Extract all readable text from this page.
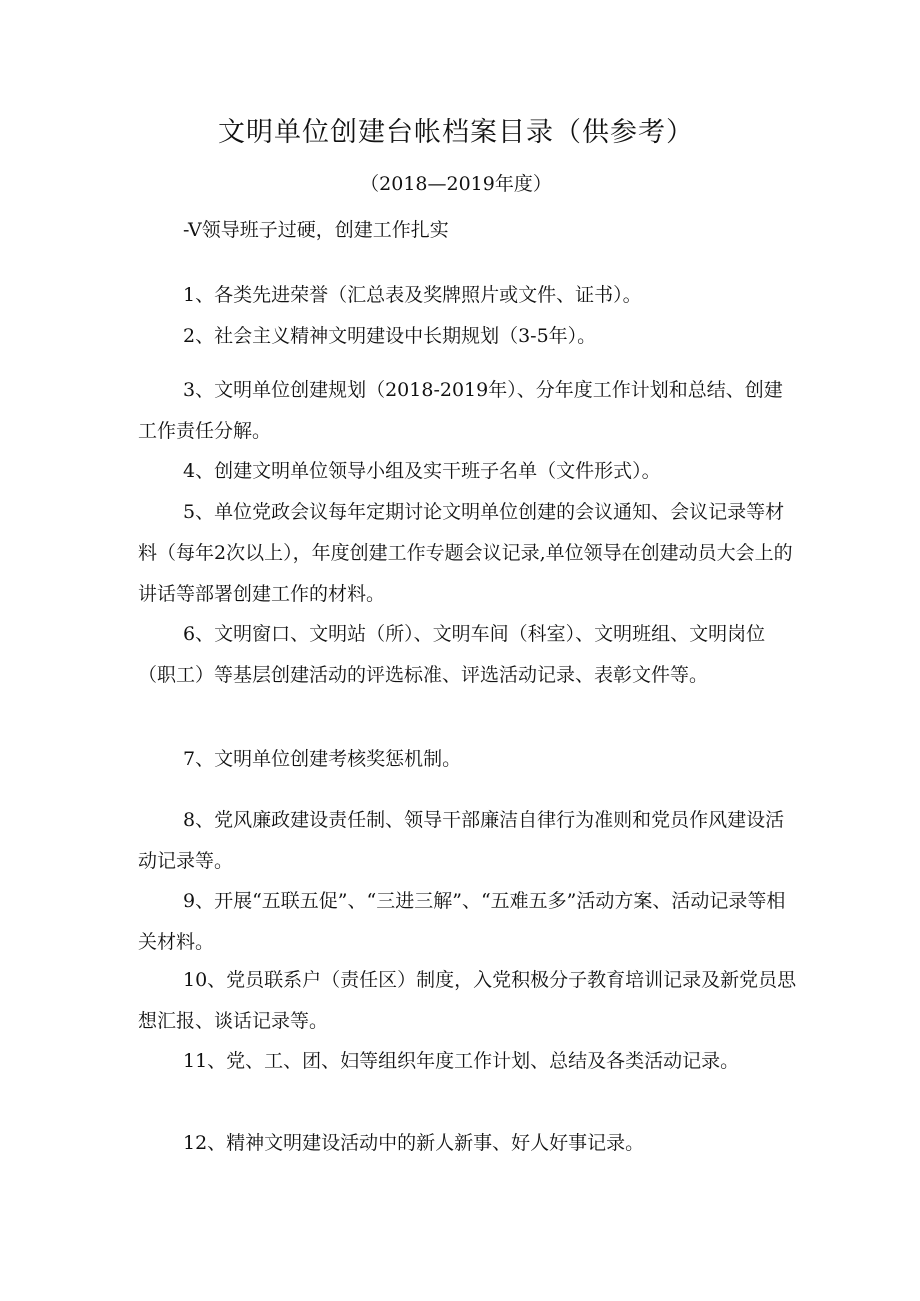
文明单位创建台帐档案目录（供参考）
（2018—2019年度）
-V领导班子过硬，创建工作扎实

1、各类先进荣誉（汇总表及奖牌照片或文件、证书）。

2、社会主义精神文明建设中长期规划（3-5年）。

3、文明单位创建规划（2018-2019年）、分年度工作计划和总结、创建工作责任分解。

4、创建文明单位领导小组及实干班子名单（文件形式）。

5、单位党政会议每年定期讨论文明单位创建的会议通知、会议记录等材料（每年2次以上），年度创建工作专题会议记录,单位领导在创建动员大会上的讲话等部署创建工作的材料。

6、文明窗口、文明站（所）、文明车间（科室）、文明班组、文明岗位（职工）等基层创建活动的评选标准、评选活动记录、表彰文件等。

7、文明单位创建考核奖惩机制。

8、党风廉政建设责任制、领导干部廉洁自律行为准则和党员作风建设活动记录等。

9、开展“五联五促”、“三进三解”、“五难五多”活动方案、活动记录等相关材料。

10、党员联系户（责任区）制度，入党积极分子教育培训记录及新党员思想汇报、谈话记录等。

11、党、工、团、妇等组织年度工作计划、总结及各类活动记录。

12、精神文明建设活动中的新人新事、好人好事记录。
